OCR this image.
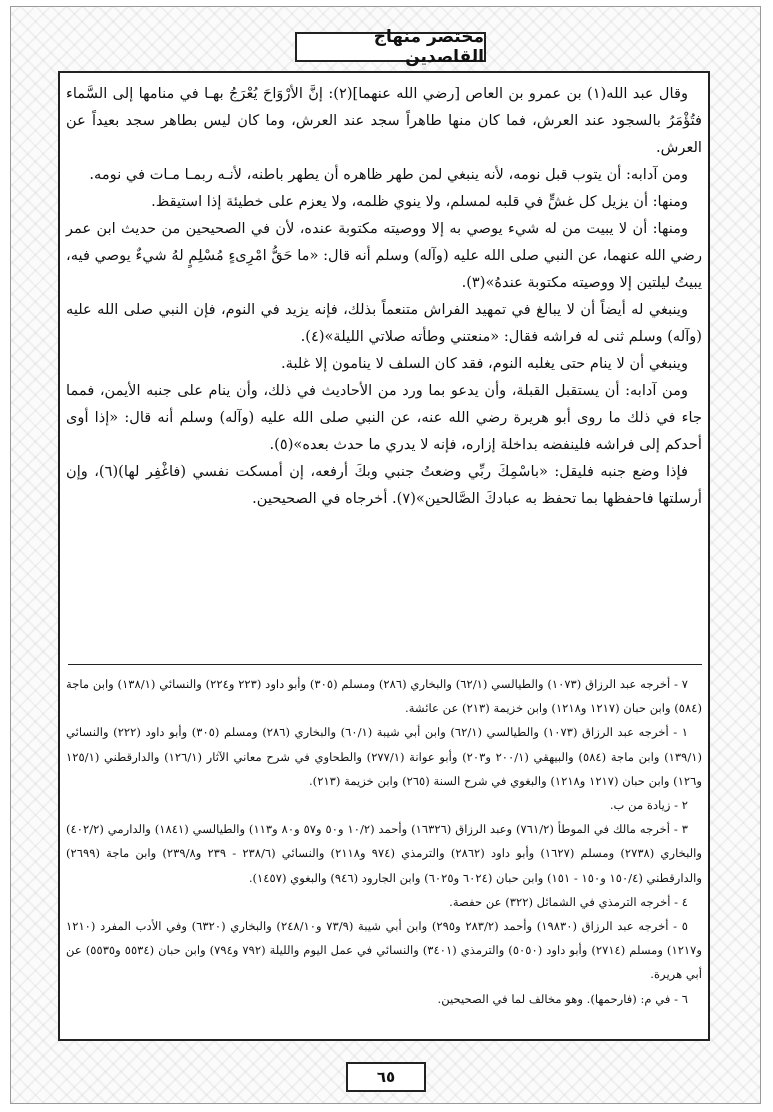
مختصر منهاج القاصدين

وقال عبد الله(١) بن عمرو بن العاص [رضي الله عنهما](٢): إنَّ الأرْوَاحَ يُعْرَجُ بهـا في منامها إلى السَّماء فتُؤْمَرُ بالسجود عند العرش، فما كان منها طاهراً سجد عند العرش، وما كان ليس بطاهر سجد بعيداً عن العرش.

ومن آدابه: أن يتوب قبل نومه، لأنه ينبغي لمن طهر ظاهره أن يطهر باطنه، لأنـه ربمـا مـات في نومه.

ومنها: أن يزيل كل غشٍّ في قلبه لمسلم، ولا ينوي ظلمه، ولا يعزم على خطيئة إذا استيقظ.

ومنها: أن لا يبيت من له شيء يوصي به إلا ووصيته مكتوبة عنده، لأن في الصحيحين من حديث ابن عمر رضي الله عنهما، عن النبي صلى الله عليه (وآله) وسلم أنه قال: «ما حَقُّ امْرِىءٍ مُسْلِمٍ لهُ شيءٌ يوصي فيه، يبيتُ ليلتين إلا ووصيته مكتوبة عندهُ»(٣).

وينبغي له أيضاً أن لا يبالغ في تمهيد الفراش متنعماً بذلك، فإنه يزيد في النوم، فإن النبي صلى الله عليه (وآله) وسلم ثنى له فراشه فقال: «منعتني وطأته صلاتي الليلة»(٤).

وينبغي أن لا ينام حتى يغلبه النوم، فقد كان السلف لا ينامون إلا غلبة.

ومن آدابه: أن يستقبل القبلة، وأن يدعو بما ورد من الأحاديث في ذلك، وأن ينام على جنبه الأيمن، فمما جاء في ذلك ما روى أبو هريرة رضي الله عنه، عن النبي صلى الله عليه (وآله) وسلم أنه قال: «إذا أوى أحدكم إلى فراشه فلينفضه بداخلة إزاره، فإنه لا يدري ما حدث بعده»(٥).

فإذا وضع جنبه فليقل: «باسْمِكَ ربِّي وضعتُ جنبي وبكَ أرفعه، إن أمسكت نفسي (فاغْفِر لها)(٦)، وإن أرسلتها فاحفظها بما تحفظ به عبادكَ الصَّالحين»(٧). أخرجاه في الصحيحين.

٧ - أخرجه عبد الرزاق (١٠٧٣) والطيالسي (٦٢/١) والبخاري (٢٨٦) ومسلم (٣٠٥) وأبو داود (٢٢٣ و٢٢٤) والنسائي (١٣٨/١) وابن ماجة (٥٨٤) وابن حبان (١٢١٧ و١٢١٨) وابن خزيمة (٢١٣) عن عائشة.

١ - أخرجه عبد الرزاق (١٠٧٣) والطيالسي (٦٢/١) وابن أبي شيبة (٦٠/١) والبخاري (٢٨٦) ومسلم (٣٠٥) وأبو داود (٢٢٢) والنسائي (١٣٩/١) وابن ماجة (٥٨٤) والبيهقي (٢٠٠/١ و٢٠٣) وأبو عوانة (٢٧٧/١) والطحاوي في شرح معاني الآثار (١٢٦/١) والدارقطني (١٢٥/١ و١٢٦) وابن حبان (١٢١٧ و١٢١٨) والبغوي في شرح السنة (٢٦٥) وابن خزيمة (٢١٣).

٢ - زيادة من ب.

٣ - أخرجه مالك في الموطأ (٧٦١/٢) وعبد الرزاق (١٦٣٢٦) وأحمد (١٠/٢ و٥٠ و٥٧ و٨٠ و١١٣) والطيالسي (١٨٤١) والدارمي (٤٠٢/٢) والبخاري (٢٧٣٨) ومسلم (١٦٢٧) وأبو داود (٢٨٦٢) والترمذي (٩٧٤ و٢١١٨) والنسائي (٢٣٨/٦ - ٢٣٩ و٢٣٩/٨) وابن ماجة (٢٦٩٩) والدارقطني (١٥٠/٤ و١٥٠ - ١٥١) وابن حبان (٦٠٢٤ و٦٠٢٥) وابن الجارود (٩٤٦) والبغوي (١٤٥٧).

٤ - أخرجه الترمذي في الشمائل (٣٢٢) عن حفصة.

٥ - أخرجه عبد الرزاق (١٩٨٣٠) وأحمد (٢٨٣/٢ و٢٩٥) وابن أبي شيبة (٧٣/٩ و٢٤٨/١٠) والبخاري (٦٣٢٠) وفي الأدب المفرد (١٢١٠ و١٢١٧) ومسلم (٢٧١٤) وأبو داود (٥٠٥٠) والترمذي (٣٤٠١) والنسائي في عمل اليوم والليلة (٧٩٢ و٧٩٤) وابن حبان (٥٥٣٤ و٥٥٣٥) عن أبي هريرة.

٦ - في م: (فارحمها). وهو مخالف لما في الصحيحين.

٦٥
